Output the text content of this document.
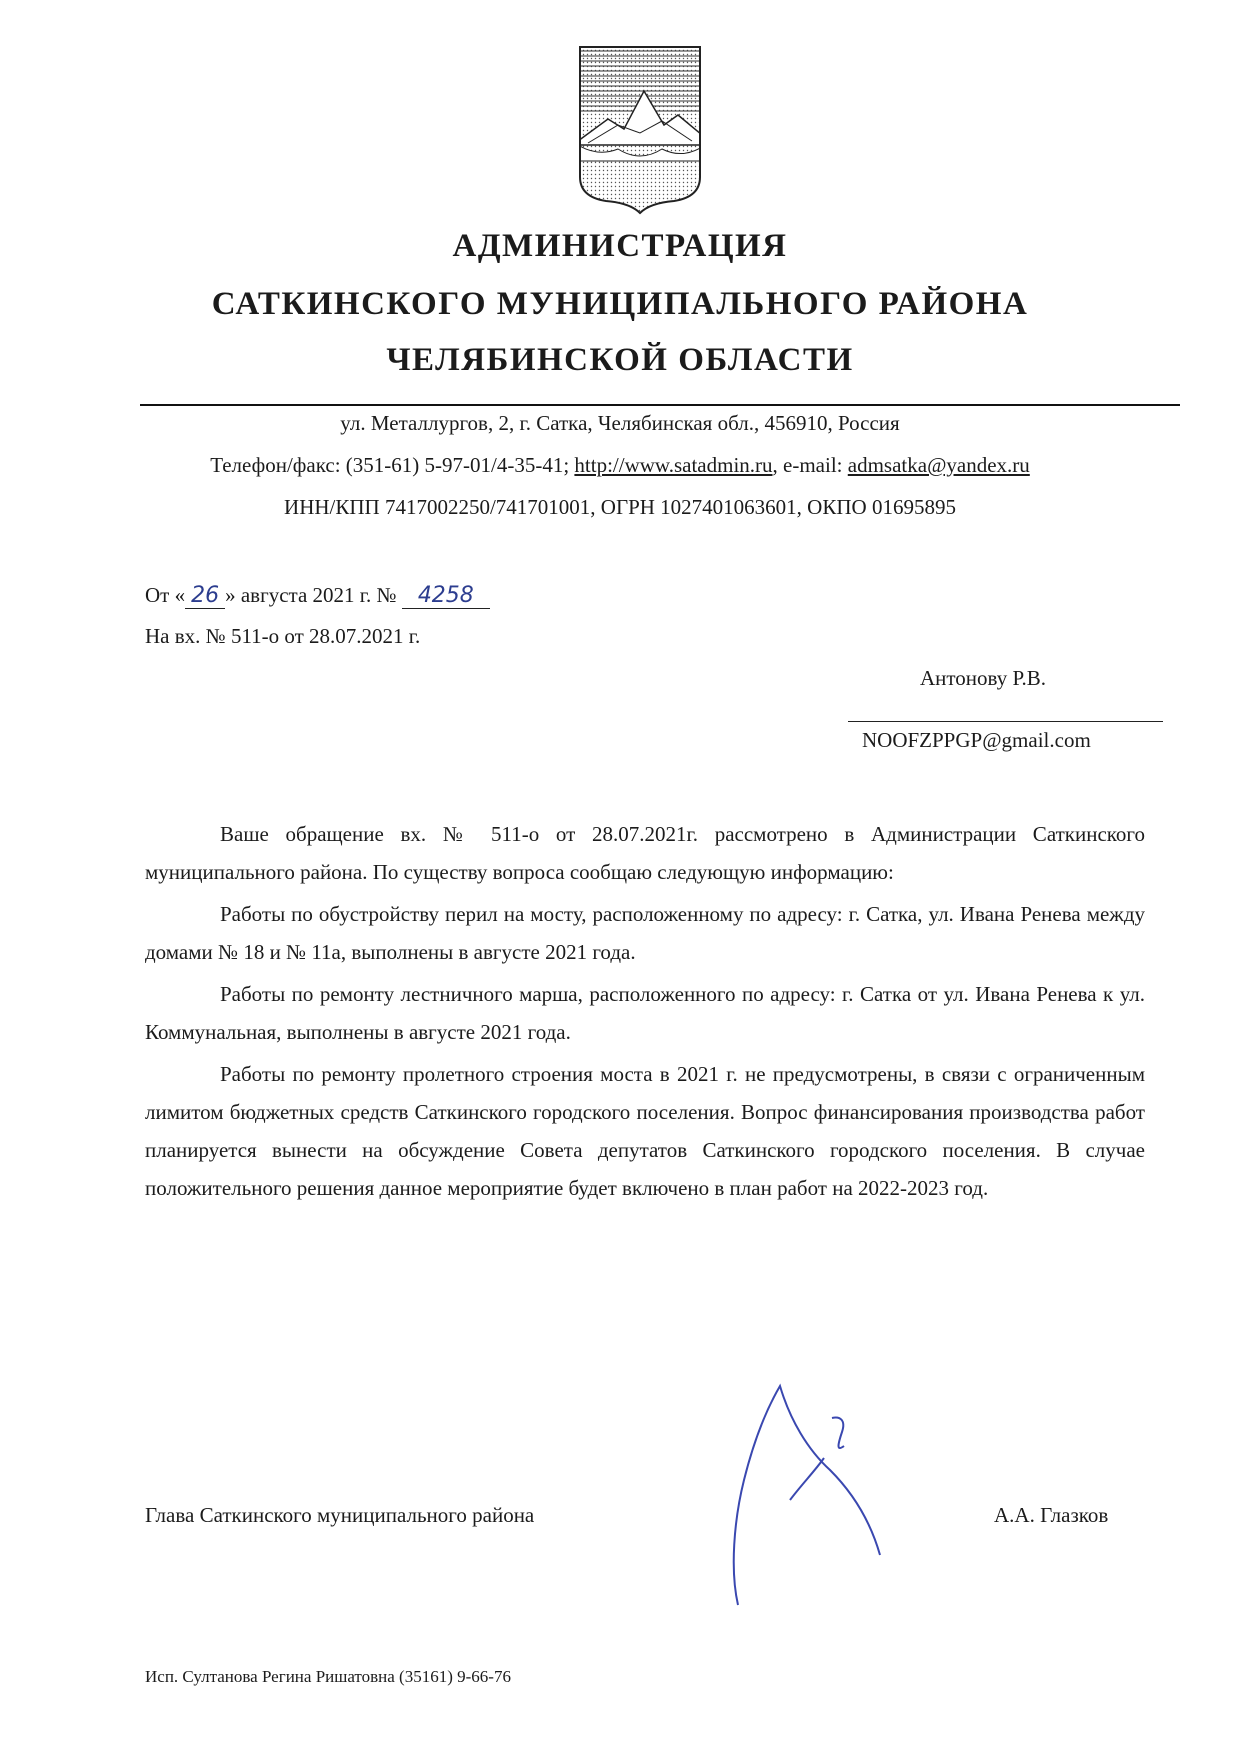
АДМИНИСТРАЦИЯ
САТКИНСКОГО МУНИЦИПАЛЬНОГО РАЙОНА
ЧЕЛЯБИНСКОЙ ОБЛАСТИ
ул. Металлургов, 2, г. Сатка, Челябинская обл., 456910, Россия
Телефон/факс: (351-61) 5-97-01/4-35-41; http://www.satadmin.ru, e-mail: admsatka@yandex.ru
ИНН/КПП 7417002250/741701001, ОГРН 1027401063601, ОКПО 01695895
От « 26 » августа 2021 г. № 4258
На вх. № 511-о от 28.07.2021 г.
Антонову Р.В.
NOOFZPPGP@gmail.com

Ваше обращение вх. № 511-о от 28.07.2021г. рассмотрено в Администрации Саткинского муниципального района. По существу вопроса сообщаю следующую информацию:

Работы по обустройству перил на мосту, расположенному по адресу: г. Сатка, ул. Ивана Ренева между домами № 18 и № 11а, выполнены в августе 2021 года.

Работы по ремонту лестничного марша, расположенного по адресу: г. Сатка от ул. Ивана Ренева к ул. Коммунальная, выполнены в августе 2021 года.

Работы по ремонту пролетного строения моста в 2021 г. не предусмотрены, в связи с ограниченным лимитом бюджетных средств Саткинского городского поселения. Вопрос финансирования производства работ планируется вынести на обсуждение Совета депутатов Саткинского городского поселения. В случае положительного решения данное мероприятие будет включено в план работ на 2022-2023 год.

Глава Саткинского муниципального района	А.А. Глазков
Исп. Султанова Регина Ришатовна (35161) 9-66-76
